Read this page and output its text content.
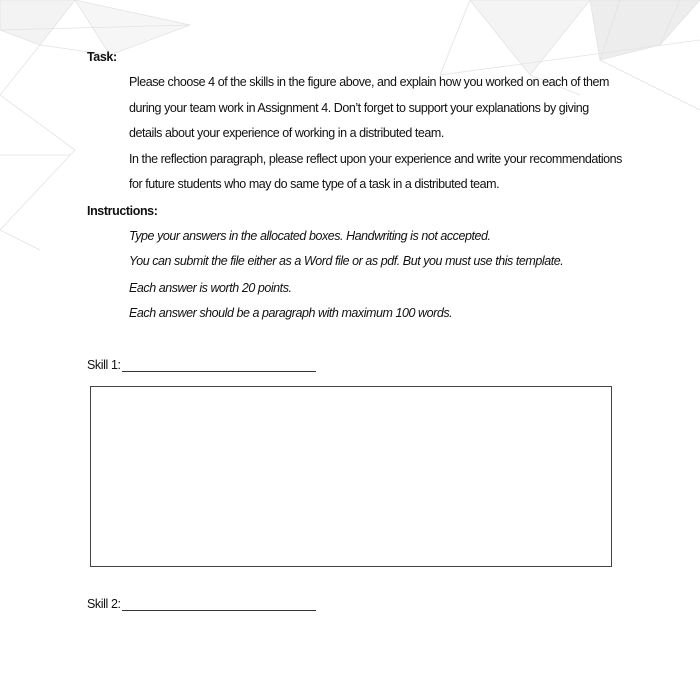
Task:
Please choose 4 of the skills in the figure above, and explain how you worked on each of them
during your team work in Assignment 4. Don’t forget to support your explanations by giving
details about your experience of working in a distributed team.
In the reflection paragraph, please reflect upon your experience and write your recommendations
for future students who may do same type of a task in a distributed team.
Instructions:
Type your answers in the allocated boxes. Handwriting is not accepted.
You can submit the file either as a Word file or as pdf. But you must use this template.
Each answer is worth 20 points.
Each answer should be a paragraph with maximum 100 words.
Skill 1:
Skill 2:
